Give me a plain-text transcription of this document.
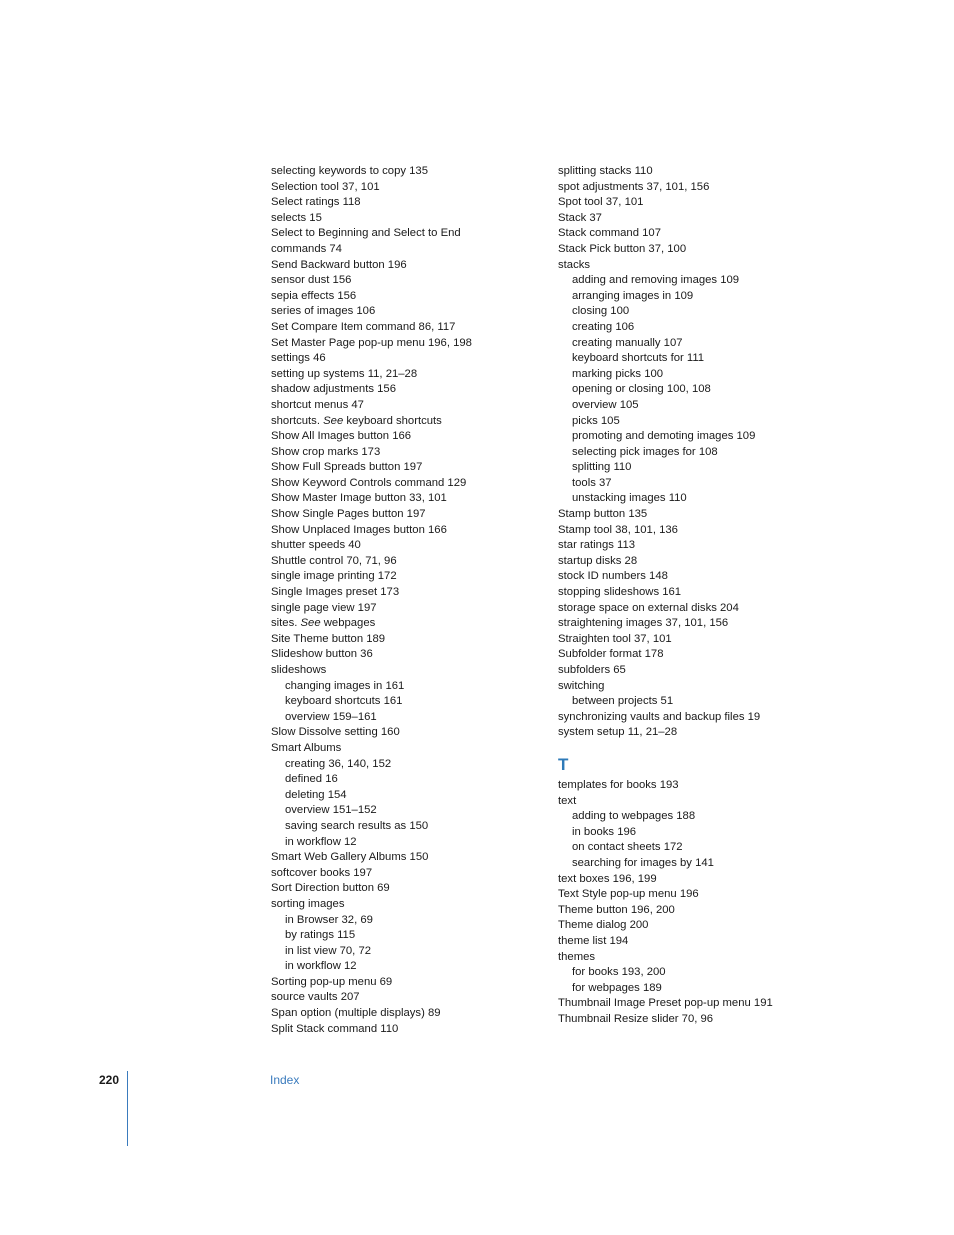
selecting keywords to copy 135
Selection tool 37, 101
Select ratings 118
selects 15
Select to Beginning and Select to End
commands 74
Send Backward button 196
sensor dust 156
sepia effects 156
series of images 106
Set Compare Item command 86, 117
Set Master Page pop-up menu 196, 198
settings 46
setting up systems 11, 21–28
shadow adjustments 156
shortcut menus 47
shortcuts. See keyboard shortcuts
Show All Images button 166
Show crop marks 173
Show Full Spreads button 197
Show Keyword Controls command 129
Show Master Image button 33, 101
Show Single Pages button 197
Show Unplaced Images button 166
shutter speeds 40
Shuttle control 70, 71, 96
single image printing 172
Single Images preset 173
single page view 197
sites. See webpages
Site Theme button 189
Slideshow button 36
slideshows
changing images in 161
keyboard shortcuts 161
overview 159–161
Slow Dissolve setting 160
Smart Albums
creating 36, 140, 152
defined 16
deleting 154
overview 151–152
saving search results as 150
in workflow 12
Smart Web Gallery Albums 150
softcover books 197
Sort Direction button 69
sorting images
in Browser 32, 69
by ratings 115
in list view 70, 72
in workflow 12
Sorting pop-up menu 69
source vaults 207
Span option (multiple displays) 89
Split Stack command 110
splitting stacks 110
spot adjustments 37, 101, 156
Spot tool 37, 101
Stack 37
Stack command 107
Stack Pick button 37, 100
stacks
adding and removing images 109
arranging images in 109
closing 100
creating 106
creating manually 107
keyboard shortcuts for 111
marking picks 100
opening or closing 100, 108
overview 105
picks 105
promoting and demoting images 109
selecting pick images for 108
splitting 110
tools 37
unstacking images 110
Stamp button 135
Stamp tool 38, 101, 136
star ratings 113
startup disks 28
stock ID numbers 148
stopping slideshows 161
storage space on external disks 204
straightening images 37, 101, 156
Straighten tool 37, 101
Subfolder format 178
subfolders 65
switching
between projects 51
synchronizing vaults and backup files 19
system setup 11, 21–28
T
templates for books 193
text
adding to webpages 188
in books 196
on contact sheets 172
searching for images by 141
text boxes 196, 199
Text Style pop-up menu 196
Theme button 196, 200
Theme dialog 200
theme list 194
themes
for books 193, 200
for webpages 189
Thumbnail Image Preset pop-up menu 191
Thumbnail Resize slider 70, 96
220	Index
